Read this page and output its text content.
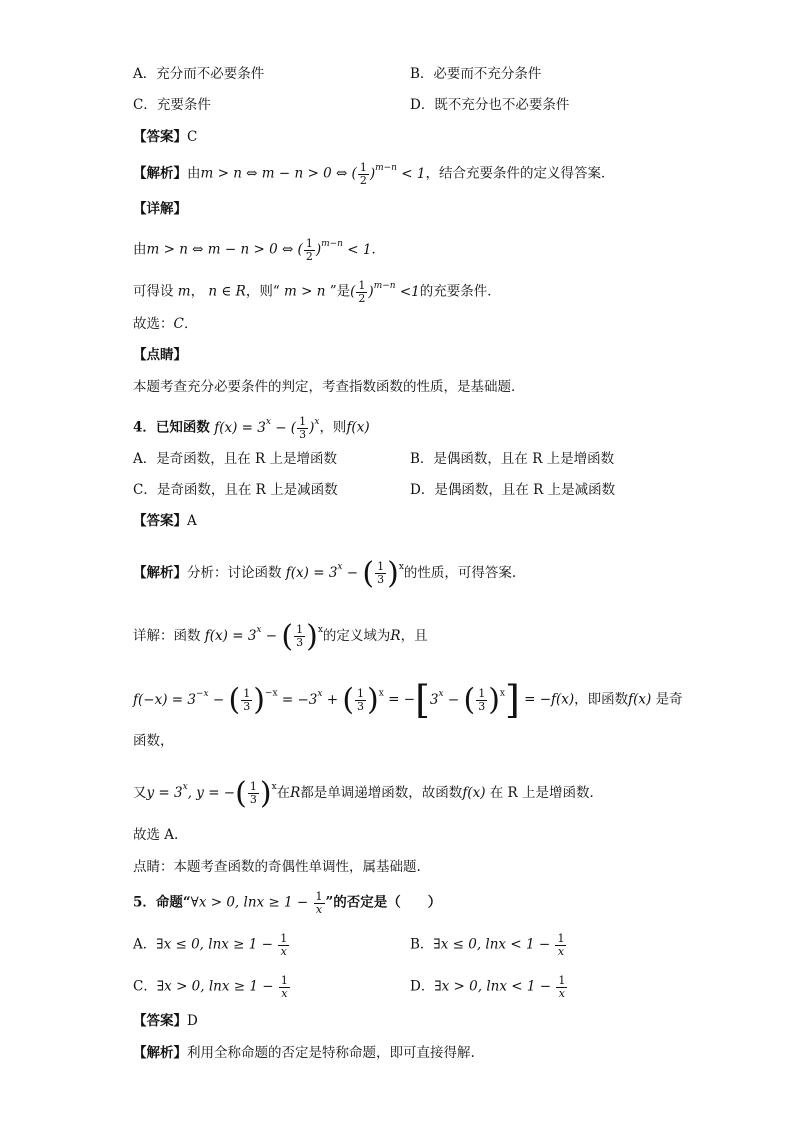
A．充分而不必要条件	B．必要而不充分条件
C．充要条件	D．既不充分也不必要条件
【答案】C
【解析】由m > n ⇔ m − n > 0 ⇔ ( $\frac{1}{2} )^{m-n} < 1$，结合充要条件的定义得答案．
【详解】
由m > n ⇔ m − n > 0 ⇔ ( $\frac{1}{2} )^{m-n} < 1$．
可得设 m， n ∈ R，则“ m > n ”是( $\frac{1}{2} )^{m-n} <1$的充要条件．
故选：C．
【点睛】
本题考查充分必要条件的判定，考查指数函数的性质，是基础题．
4．已知函数 $f(x) = 3^x$ − ( $\frac{1}{3} )^x$，则f(x)
A．是奇函数，且在 R 上是增函数	B．是偶函数，且在 R 上是增函数
C．是奇函数，且在 R 上是减函数	D．是偶函数，且在 R 上是减函数
【答案】A
【解析】分析：讨论函数 $f(x) = 3^x$ − ( $\frac{1}{3} )^x$的性质，可得答案.
详解：函数 $f(x) = 3^x$ − ( $\frac{1}{3} )^x$的定义域为R，且
$f(-x) = 3^{-x}$ − ( $\frac{1}{3} )^{-x} = -3^x$ + ( $\frac{1}{3} )^x = -[3^x$ − ( $\frac{1}{3} )^x] = -f(x)$，即函数f(x) 是奇
函数，
又$y = 3^x$, y = −( $\frac{1}{3} )^x$在R都是单调递增函数，故函数f(x) 在 R 上是增函数．
故选 A.
点睛：本题考查函数的奇偶性单调性，属基础题.
5．命题“∀x > 0, $\ln x \ge 1 - \frac{1}{x}$ ”的否定是（　　）
A．∃x ≤ 0, $\ln x \ge 1 - \frac{1}{x}$	B．∃x ≤ 0, $\ln x < 1 - \frac{1}{x}$
C．∃x > 0, $\ln x \ge 1 - \frac{1}{x}$	D．∃x > 0, $\ln x < 1 - \frac{1}{x}$
【答案】D
【解析】利用全称命题的否定是特称命题，即可直接得解.
